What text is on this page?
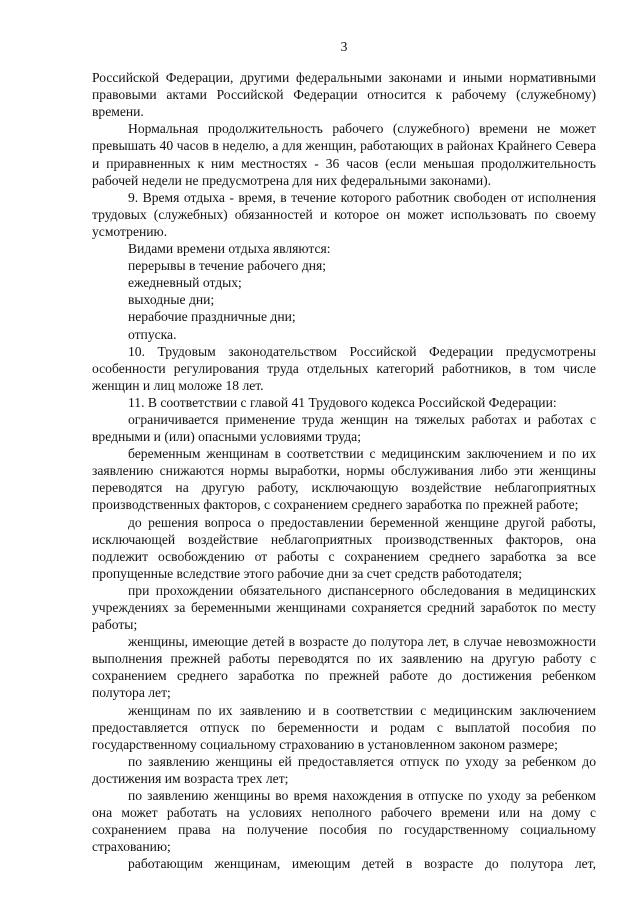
3

Российской Федерации, другими федеральными законами и иными нормативными правовыми актами Российской Федерации относится к рабочему (служебному) времени.

Нормальная продолжительность рабочего (служебного) времени не может превышать 40 часов в неделю, а для женщин, работающих в районах Крайнего Севера и приравненных к ним местностях - 36 часов (если меньшая продолжительность рабочей недели не предусмотрена для них федеральными законами).

9. Время отдыха - время, в течение которого работник свободен от исполнения трудовых (служебных) обязанностей и которое он может использовать по своему усмотрению.

Видами времени отдыха являются:

перерывы в течение рабочего дня;

ежедневный отдых;

выходные дни;

нерабочие праздничные дни;

отпуска.

10. Трудовым законодательством Российской Федерации предусмотрены особенности регулирования труда отдельных категорий работников, в том числе женщин и лиц моложе 18 лет.

11. В соответствии с главой 41 Трудового кодекса Российской Федерации:

ограничивается применение труда женщин на тяжелых работах и работах с вредными и (или) опасными условиями труда;

беременным женщинам в соответствии с медицинским заключением и по их заявлению снижаются нормы выработки, нормы обслуживания либо эти женщины переводятся на другую работу, исключающую воздействие неблагоприятных производственных факторов, с сохранением среднего заработка по прежней работе;

до решения вопроса о предоставлении беременной женщине другой работы, исключающей воздействие неблагоприятных производственных факторов, она подлежит освобождению от работы с сохранением среднего заработка за все пропущенные вследствие этого рабочие дни за счет средств работодателя;

при прохождении обязательного диспансерного обследования в медицинских учреждениях за беременными женщинами сохраняется средний заработок по месту работы;

женщины, имеющие детей в возрасте до полутора лет, в случае невозможности выполнения прежней работы переводятся по их заявлению на другую работу с сохранением среднего заработка по прежней работе до достижения ребенком полутора лет;

женщинам по их заявлению и в соответствии с медицинским заключением предоставляется отпуск по беременности и родам с выплатой пособия по государственному социальному страхованию в установленном законом размере;

по заявлению женщины ей предоставляется отпуск по уходу за ребенком до достижения им возраста трех лет;

по заявлению женщины во время нахождения в отпуске по уходу за ребенком она может работать на условиях неполного рабочего времени или на дому с сохранением права на получение пособия по государственному социальному страхованию;

работающим женщинам, имеющим детей в возрасте до полутора лет,
